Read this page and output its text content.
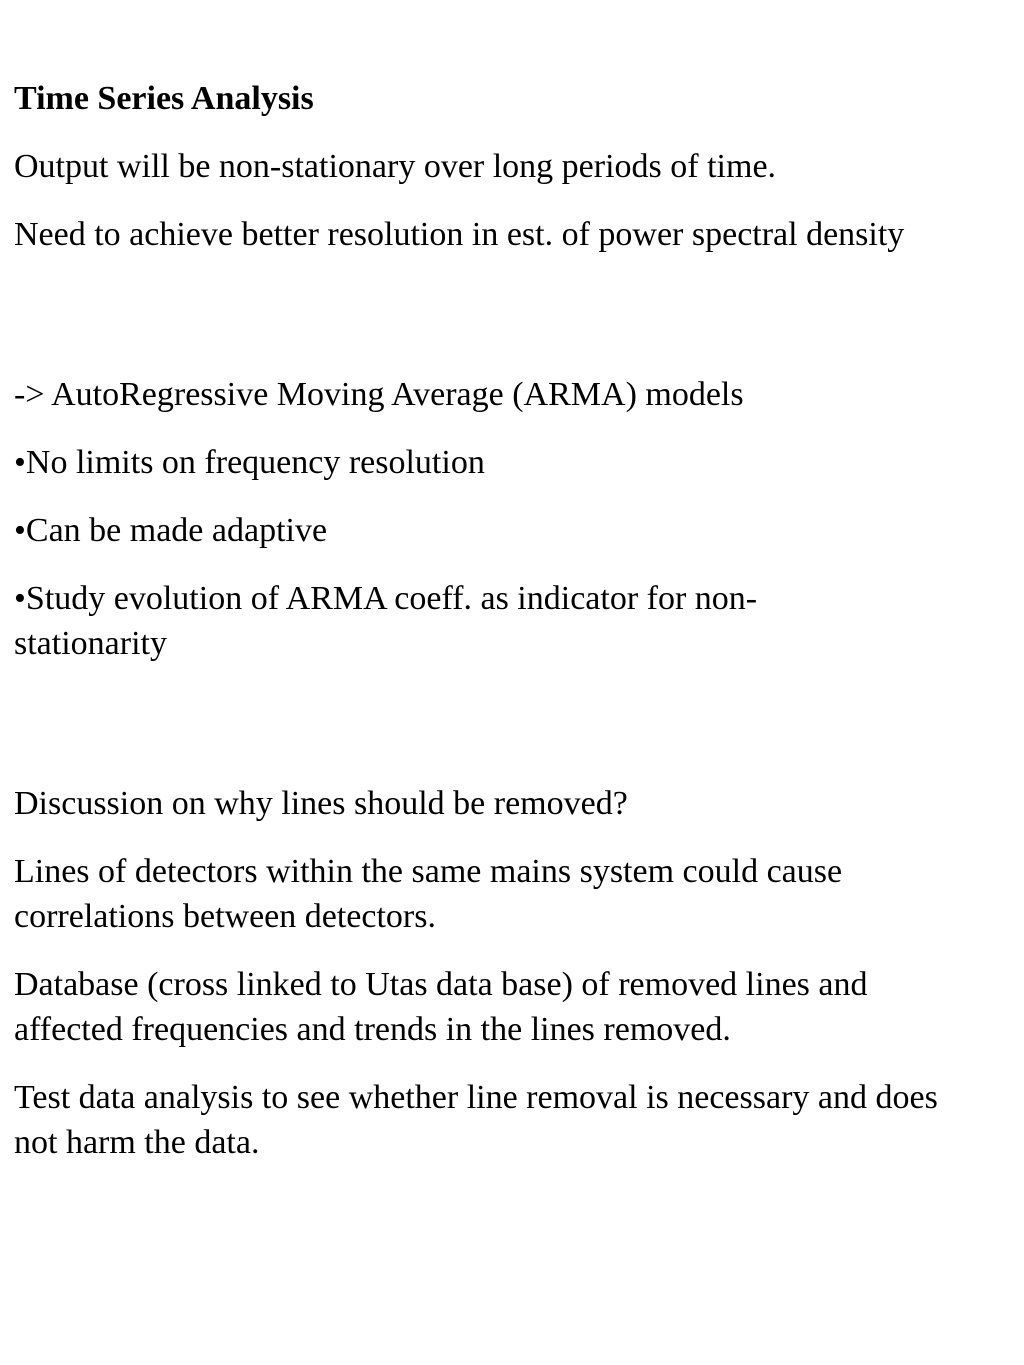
Time Series Analysis

Output will be non-stationary over long periods of time.

Need to achieve better resolution in est. of power spectral density

-> AutoRegressive Moving Average (ARMA) models

•No limits on frequency resolution

•Can be made adaptive

•Study evolution of ARMA coeff. as indicator for non-stationarity

Discussion on why lines should be removed?

Lines of detectors within the same mains system could cause correlations between detectors.

Database (cross linked to Utas data base) of removed lines and affected frequencies and trends in the lines removed.

Test data analysis to see whether line removal is necessary and does not harm the data.
